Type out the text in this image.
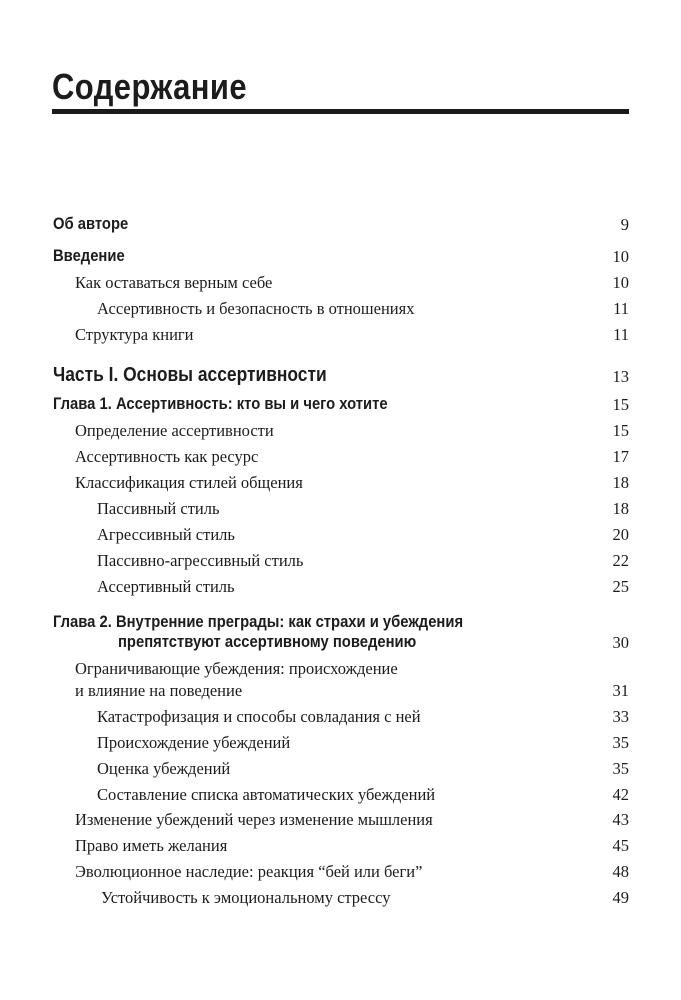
Содержание
Об авторе	9
Введение	10
Как оставаться верным себе	10
Ассертивность и безопасность в отношениях	11
Структура книги	11
Часть I. Основы ассертивности	13
Глава 1. Ассертивность: кто вы и чего хотите	15
Определение ассертивности	15
Ассертивность как ресурс	17
Классификация стилей общения	18
Пассивный стиль	18
Агрессивный стиль	20
Пассивно-агрессивный стиль	22
Ассертивный стиль	25
Глава 2. Внутренние преграды: как страхи и убеждения
препятствуют ассертивному поведению	30
Ограничивающие убеждения: происхождение
и влияние на поведение	31
Катастрофизация и способы совладания с ней	33
Происхождение убеждений	35
Оценка убеждений	35
Составление списка автоматических убеждений	42
Изменение убеждений через изменение мышления	43
Право иметь желания	45
Эволюционное наследие: реакция “бей или беги”	48
Устойчивость к эмоциональному стрессу	49
